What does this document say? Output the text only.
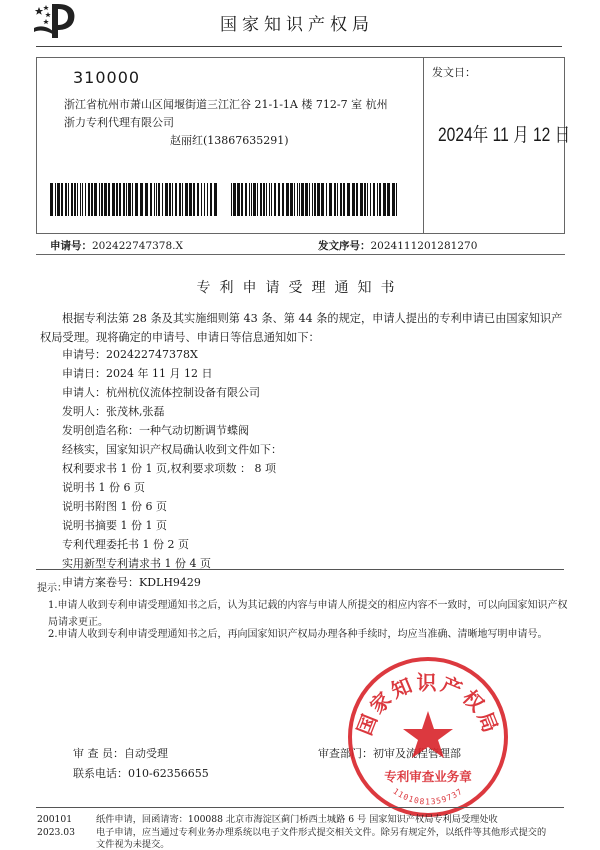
国家知识产权局
310000
浙江省杭州市萧山区闻堰街道三江汇谷 21-1-1A 楼 712-7 室 杭州
浙力专利代理有限公司
赵丽红(13867635291)
发文日：
2024年 11 月 12 日
申请号：202422747378.X	发文序号：2024111201281270
专利申请受理通知书
根据专利法第 28 条及其实施细则第 43 条、第 44 条的规定，申请人提出的专利申请已由国家知识产权局受理。现将确定的申请号、申请日等信息通知如下：
申请号：202422747378X
申请日：2024 年 11 月 12 日
申请人：杭州杭仪流体控制设备有限公司
发明人：张茂林,张磊
发明创造名称：一种气动切断调节蝶阀
经核实，国家知识产权局确认收到文件如下：
权利要求书 1 份 1 页,权利要求项数 ： 8 项
说明书 1 份 6 页
说明书附图 1 份 6 页
说明书摘要 1 份 1 页
专利代理委托书 1 份 2 页
实用新型专利请求书 1 份 4 页
申请方案卷号：KDLH9429
提示：
1.申请人收到专利申请受理通知书之后，认为其记载的内容与申请人所提交的相应内容不一致时，可以向国家知识产权局请求更正。
2.申请人收到专利申请受理通知书之后，再向国家知识产权局办理各种手续时，均应当准确、清晰地写明申请号。
审 查 员：自动受理
联系电话：010-62356655
审查部门：初审及流程管理部
国家知识产权局
专利审查业务章
1101081359737
200101
2023.03
纸件申请，回函请寄：100088 北京市海淀区蓟门桥西土城路 6 号 国家知识产权局专利局受理处收
电子申请，应当通过专利业务办理系统以电子文件形式提交相关文件。除另有规定外，以纸件等其他形式提交的
文件视为未提交。
